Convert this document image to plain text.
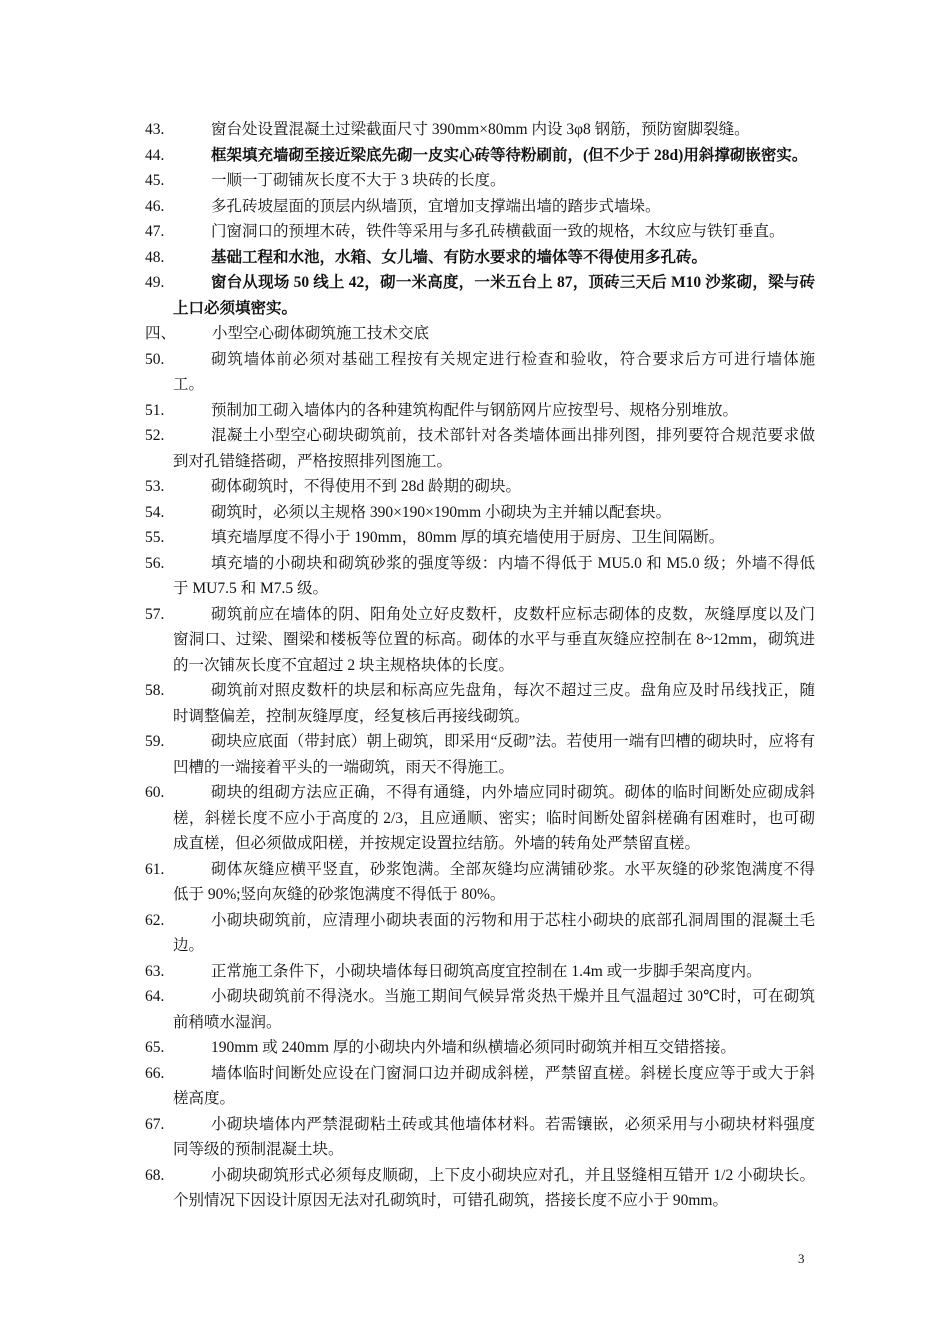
43.	窗台处设置混凝土过梁截面尺寸 390mm×80mm 内设 3φ8 钢筋，预防窗脚裂缝。
44.	框架填充墙砌至接近梁底先砌一皮实心砖等待粉刷前，(但不少于 28d)用斜撑砌嵌密实。
45.	一顺一丁砌铺灰长度不大于 3 块砖的长度。
46.	多孔砖坡屋面的顶层内纵墙顶，宜增加支撑端出墙的踏步式墙垛。
47.	门窗洞口的预埋木砖，铁件等采用与多孔砖横截面一致的规格，木纹应与铁钉垂直。
48.	基础工程和水池，水箱、女儿墙、有防水要求的墙体等不得使用多孔砖。
49.	窗台从现场 50 线上 42，砌一米高度，一米五台上 87，顶砖三天后 M10 沙浆砌，梁与砖上口必须填密实。
四、	小型空心砌体砌筑施工技术交底
50.	砌筑墙体前必须对基础工程按有关规定进行检查和验收，符合要求后方可进行墙体施工。
51.	预制加工砌入墙体内的各种建筑构配件与钢筋网片应按型号、规格分别堆放。
52.	混凝土小型空心砌块砌筑前，技术部针对各类墙体画出排列图，排列要符合规范要求做到对孔错缝搭砌，严格按照排列图施工。
53.	砌体砌筑时，不得使用不到 28d 龄期的砌块。
54.	砌筑时，必须以主规格 390×190×190mm 小砌块为主并辅以配套块。
55.	填充墙厚度不得小于 190mm，80mm 厚的填充墙使用于厨房、卫生间隔断。
56.	填充墙的小砌块和砌筑砂浆的强度等级：内墙不得低于 MU5.0 和 M5.0 级；外墙不得低于 MU7.5 和 M7.5 级。
57.	砌筑前应在墙体的阴、阳角处立好皮数杆，皮数杆应标志砌体的皮数，灰缝厚度以及门窗洞口、过梁、圈梁和楼板等位置的标高。砌体的水平与垂直灰缝应控制在 8~12mm，砌筑进的一次铺灰长度不宜超过 2 块主规格块体的长度。
58.	砌筑前对照皮数杆的块层和标高应先盘角，每次不超过三皮。盘角应及时吊线找正，随时调整偏差，控制灰缝厚度，经复核后再接线砌筑。
59.	砌块应底面（带封底）朝上砌筑，即采用“反砌”法。若使用一端有凹槽的砌块时，应将有凹槽的一端接着平头的一端砌筑，雨天不得施工。
60.	砌块的组砌方法应正确，不得有通缝，内外墙应同时砌筑。砌体的临时间断处应砌成斜槎，斜槎长度不应小于高度的 2/3，且应通顺、密实；临时间断处留斜槎确有困难时，也可砌成直槎，但必须做成阳槎，并按规定设置拉结筋。外墙的转角处严禁留直槎。
61.	砌体灰缝应横平竖直，砂浆饱满。全部灰缝均应满铺砂浆。水平灰缝的砂浆饱满度不得低于 90%;竖向灰缝的砂浆饱满度不得低于 80%。
62.	小砌块砌筑前，应清理小砌块表面的污物和用于芯柱小砌块的底部孔洞周围的混凝土毛边。
63.	正常施工条件下，小砌块墙体每日砌筑高度宜控制在 1.4m 或一步脚手架高度内。
64.	小砌块砌筑前不得浇水。当施工期间气候异常炎热干燥并且气温超过 30℃时，可在砌筑前稍喷水湿润。
65.	190mm 或 240mm 厚的小砌块内外墙和纵横墙必须同时砌筑并相互交错搭接。
66.	墙体临时间断处应设在门窗洞口边并砌成斜槎，严禁留直槎。斜槎长度应等于或大于斜槎高度。
67.	小砌块墙体内严禁混砌粘土砖或其他墙体材料。若需镶嵌，必须采用与小砌块材料强度同等级的预制混凝土块。
68.	小砌块砌筑形式必须每皮顺砌，上下皮小砌块应对孔，并且竖缝相互错开 1/2 小砌块长。个别情况下因设计原因无法对孔砌筑时，可错孔砌筑，搭接长度不应小于 90mm。
3
